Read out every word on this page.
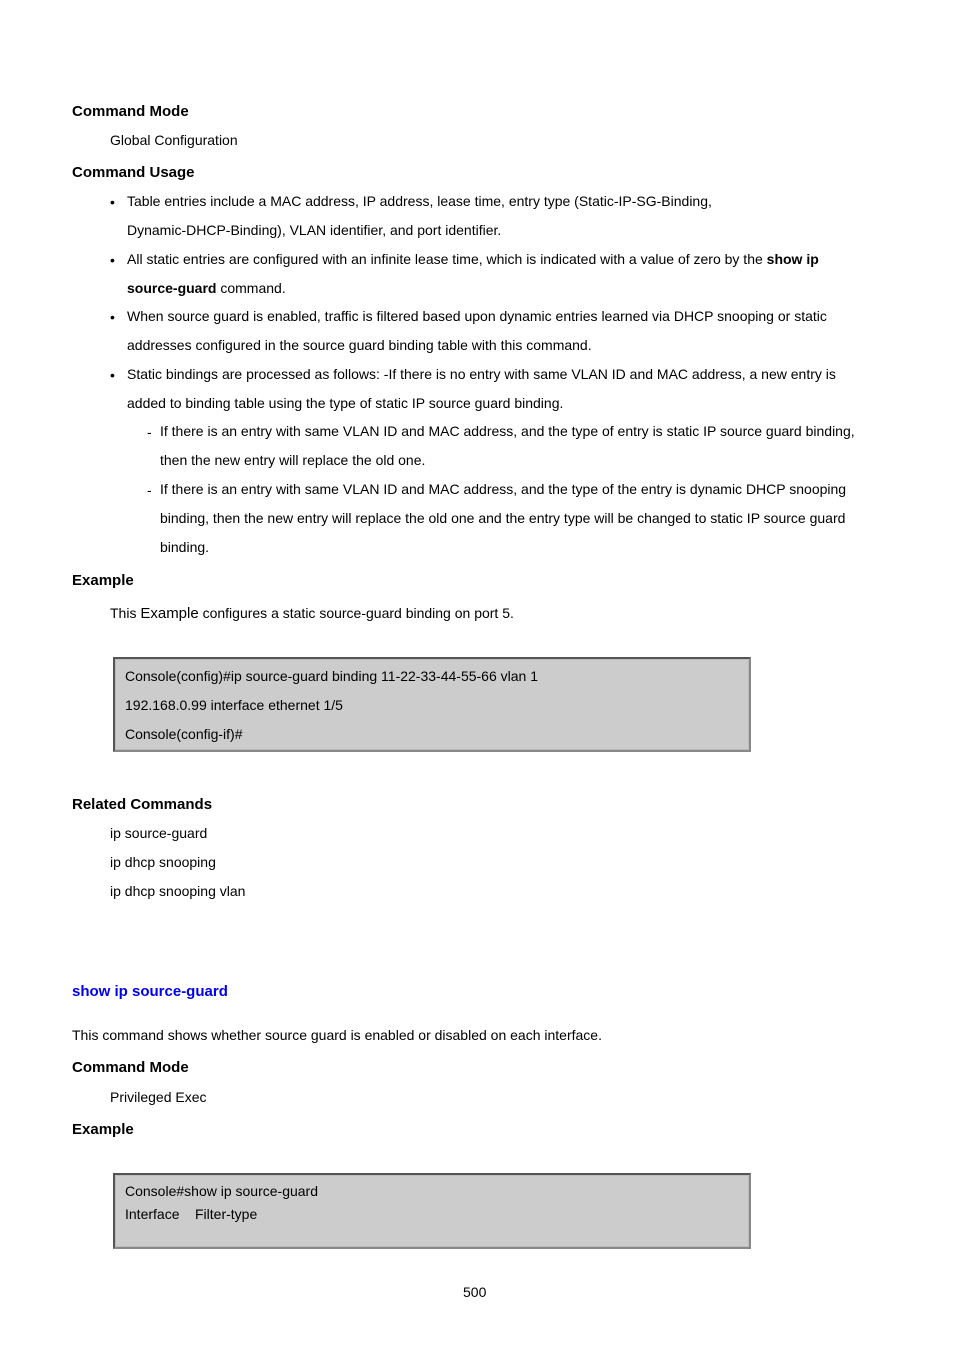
Command Mode
Global Configuration
Command Usage
• Table entries include a MAC address, IP address, lease time, entry type (Static-IP-SG-Binding,
Dynamic-DHCP-Binding), VLAN identifier, and port identifier.
• All static entries are configured with an infinite lease time, which is indicated with a value of zero by the show ip
source-guard command.
• When source guard is enabled, traffic is filtered based upon dynamic entries learned via DHCP snooping or static
addresses configured in the source guard binding table with this command.
• Static bindings are processed as follows: -If there is no entry with same VLAN ID and MAC address, a new entry is
added to binding table using the type of static IP source guard binding.
- If there is an entry with same VLAN ID and MAC address, and the type of entry is static IP source guard binding,
then the new entry will replace the old one.
- If there is an entry with same VLAN ID and MAC address, and the type of the entry is dynamic DHCP snooping
binding, then the new entry will replace the old one and the entry type will be changed to static IP source guard
binding.
Example
This Example configures a static source-guard binding on port 5.
Console(config)#ip source-guard binding 11-22-33-44-55-66 vlan 1
192.168.0.99 interface ethernet 1/5
Console(config-if)#
Related Commands
ip source-guard
ip dhcp snooping
ip dhcp snooping vlan
show ip source-guard
This command shows whether source guard is enabled or disabled on each interface.
Command Mode
Privileged Exec
Example
Console#show ip source-guard
Interface Filter-type
500
